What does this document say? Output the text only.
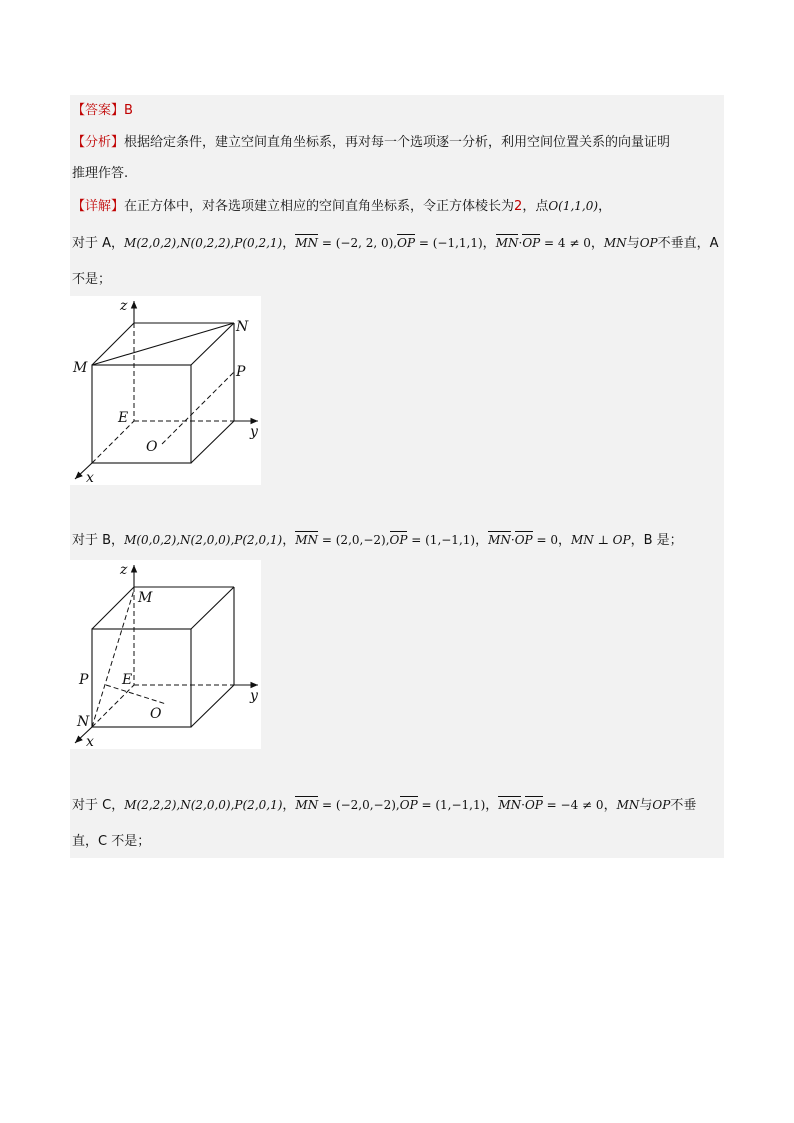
【答案】B
【分析】根据给定条件，建立空间直角坐标系，再对每一个选项逐一分析，利用空间位置关系的向量证明
推理作答.
【详解】在正方体中，对各选项建立相应的空间直角坐标系，令正方体棱长为2，点O(1,1,0)，
对于 A，M(2,0,2),N(0,2,2),P(0,2,1)，MN = (−2, 2, 0),OP = (−1,1,1)，MN·OP = 4 ≠ 0，MN与OP不垂直，A
不是；
z
N
M	P
E
y
O
x
对于 B，M(0,0,2),N(2,0,0),P(2,0,1)，MN = (2,0,−2),OP = (1,−1,1)，MN·OP = 0，MN ⊥ OP，B 是；
z
M
P E
y
N	O
x
对于 C，M(2,2,2),N(2,0,0),P(2,0,1)，MN = (−2,0,−2),OP = (1,−1,1)，MN·OP = −4 ≠ 0，MN与OP不垂
直，C 不是；
